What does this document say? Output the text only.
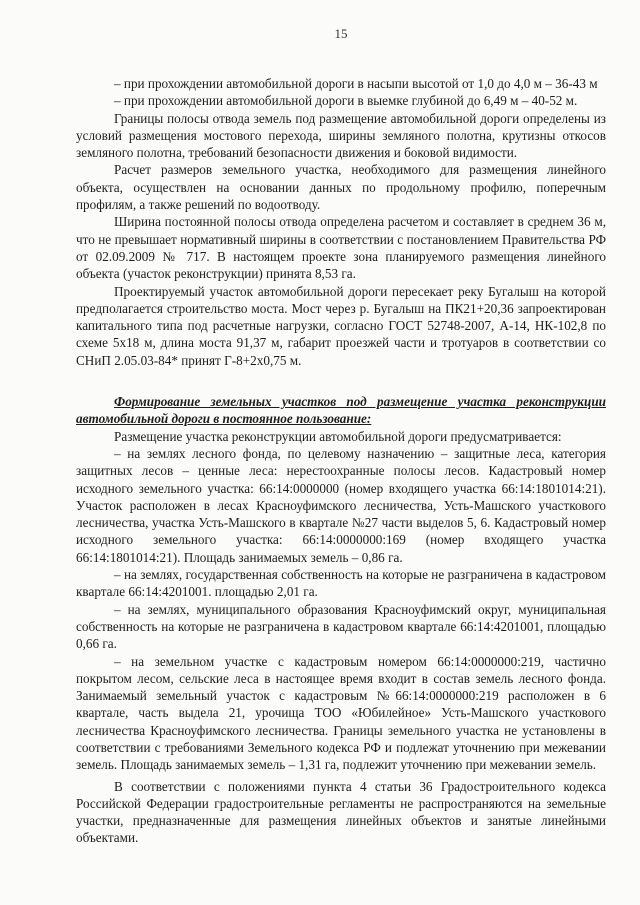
15

– при прохождении автомобильной дороги в насыпи высотой от 1,0 до 4,0 м – 36-43 м

– при прохождении автомобильной дороги в выемке глубиной до 6,49 м – 40-52 м.

Границы полосы отвода земель под размещение автомобильной дороги определены из условий размещения мостового перехода, ширины земляного полотна, крутизны откосов земляного полотна, требований безопасности движения и боковой видимости.

Расчет размеров земельного участка, необходимого для размещения линейного объекта, осуществлен на основании данных по продольному профилю, поперечным профилям, а также решений по водоотводу.

Ширина постоянной полосы отвода определена расчетом и составляет в среднем 36 м, что не превышает нормативный ширины в соответствии с постановлением Правительства РФ от 02.09.2009 № 717. В настоящем проекте зона планируемого размещения линейного объекта (участок реконструкции) принята 8,53 га.

Проектируемый участок автомобильной дороги пересекает реку Бугалыш на которой предполагается строительство моста. Мост через р. Бугалыш на ПК21+20,36 запроектирован капитального типа под расчетные нагрузки, согласно ГОСТ 52748-2007, А-14, НК-102,8 по схеме 5х18 м, длина моста 91,37 м, габарит проезжей части и тротуаров в соответствии со СНиП 2.05.03-84* принят Г-8+2х0,75 м.

Формирование земельных участков под размещение участка реконструкции автомобильной дороги в постоянное пользование:

Размещение участка реконструкции автомобильной дороги предусматривается:

– на землях лесного фонда, по целевому назначению – защитные леса, категория защитных лесов – ценные леса: нерестоохранные полосы лесов. Кадастровый номер исходного земельного участка: 66:14:0000000 (номер входящего участка 66:14:1801014:21). Участок расположен в лесах Красноуфимского лесничества, Усть-Машского участкового лесничества, участка Усть-Машского в квартале №27 части выделов 5, 6. Кадастровый номер исходного земельного участка: 66:14:0000000:169 (номер входящего участка 66:14:1801014:21). Площадь занимаемых земель – 0,86 га.

– на землях, государственная собственность на которые не разграничена в кадастровом квартале 66:14:4201001. площадью 2,01 га.

– на землях, муниципального образования Красноуфимский округ, муниципальная собственность на которые не разграничена в кадастровом квартале 66:14:4201001, площадью 0,66 га.

– на земельном участке с кадастровым номером 66:14:0000000:219, частично покрытом лесом, сельские леса в настоящее время входит в состав земель лесного фонда. Занимаемый земельный участок с кадастровым №66:14:0000000:219 расположен в 6 квартале, часть выдела 21, урочища ТОО «Юбилейное» Усть-Машского участкового лесничества Красноуфимского лесничества. Границы земельного участка не установлены в соответствии с требованиями Земельного кодекса РФ и подлежат уточнению при межевании земель. Площадь занимаемых земель – 1,31 га, подлежит уточнению при межевании земель.

В соответствии с положениями пункта 4 статьи 36 Градостроительного кодекса Российской Федерации градостроительные регламенты не распространяются на земельные участки, предназначенные для размещения линейных объектов и занятые линейными объектами.
